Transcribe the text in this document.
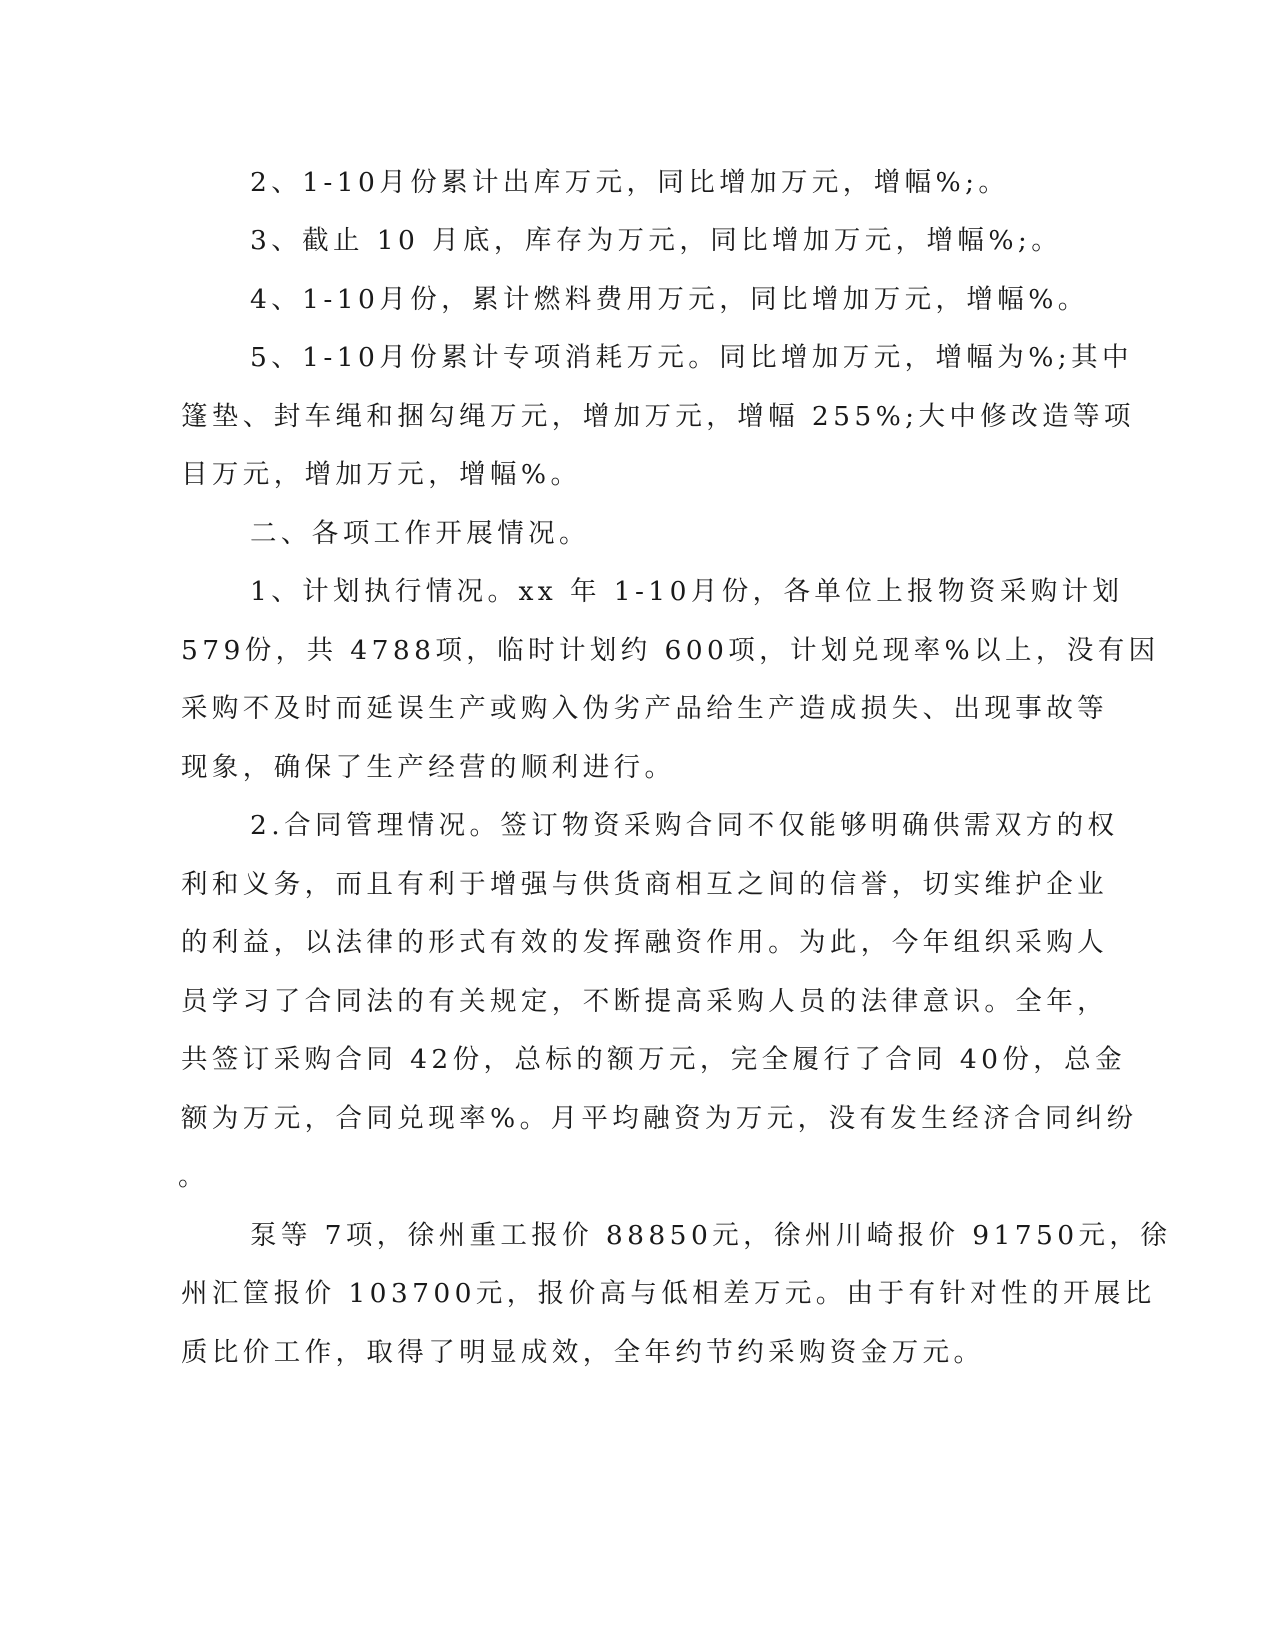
2、1-10月份累计出库万元，同比增加万元，增幅%;。

3、截止 10 月底，库存为万元，同比增加万元，增幅%;。

4、1-10月份，累计燃料费用万元，同比增加万元，增幅%。

5、1-10月份累计专项消耗万元。同比增加万元，增幅为%;其中

篷垫、封车绳和捆勾绳万元，增加万元，增幅 255%;大中修改造等项

目万元，增加万元，增幅%。

二、各项工作开展情况。

1、计划执行情况。xx 年 1-10月份，各单位上报物资采购计划

579份，共 4788项，临时计划约 600项，计划兑现率%以上，没有因

采购不及时而延误生产或购入伪劣产品给生产造成损失、出现事故等

现象，确保了生产经营的顺利进行。

2.合同管理情况。签订物资采购合同不仅能够明确供需双方的权

利和义务，而且有利于增强与供货商相互之间的信誉，切实维护企业

的利益，以法律的形式有效的发挥融资作用。为此，今年组织采购人

员学习了合同法的有关规定，不断提高采购人员的法律意识。全年，

共签订采购合同 42份，总标的额万元，完全履行了合同 40份，总金

额为万元，合同兑现率%。月平均融资为万元，没有发生经济合同纠纷

。

泵等 7项，徐州重工报价 88850元，徐州川崎报价 91750元，徐

州汇筐报价 103700元，报价高与低相差万元。由于有针对性的开展比

质比价工作，取得了明显成效，全年约节约采购资金万元。
